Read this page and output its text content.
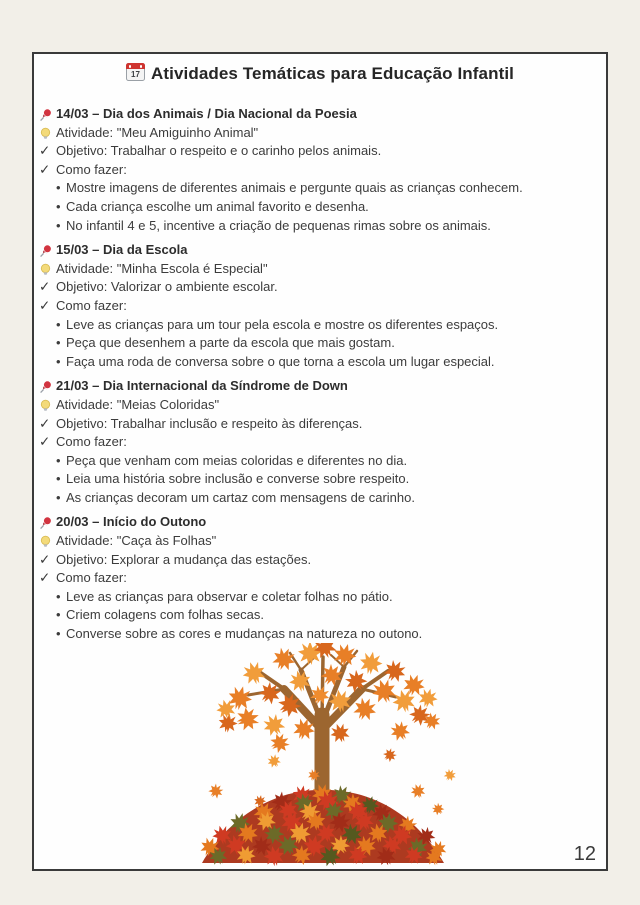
17 Atividades Temáticas para Educação Infantil
14/03 – Dia dos Animais / Dia Nacional da Poesia
Atividade: "Meu Amiguinho Animal"
✓ Objetivo: Trabalhar o respeito e o carinho pelos animais.
✓ Como fazer:
• Mostre imagens de diferentes animais e pergunte quais as crianças conhecem.
• Cada criança escolhe um animal favorito e desenha.
• No infantil 4 e 5, incentive a criação de pequenas rimas sobre os animais.
15/03 – Dia da Escola
Atividade: "Minha Escola é Especial"
✓ Objetivo: Valorizar o ambiente escolar.
✓ Como fazer:
• Leve as crianças para um tour pela escola e mostre os diferentes espaços.
• Peça que desenhem a parte da escola que mais gostam.
• Faça uma roda de conversa sobre o que torna a escola um lugar especial.
21/03 – Dia Internacional da Síndrome de Down
Atividade: "Meias Coloridas"
✓ Objetivo: Trabalhar inclusão e respeito às diferenças.
✓ Como fazer:
• Peça que venham com meias coloridas e diferentes no dia.
• Leia uma história sobre inclusão e converse sobre respeito.
• As crianças decoram um cartaz com mensagens de carinho.
20/03 – Início do Outono
Atividade: "Caça às Folhas"
✓ Objetivo: Explorar a mudança das estações.
✓ Como fazer:
• Leve as crianças para observar e coletar folhas no pátio.
• Criem colagens com folhas secas.
• Converse sobre as cores e mudanças na natureza no outono.
12
